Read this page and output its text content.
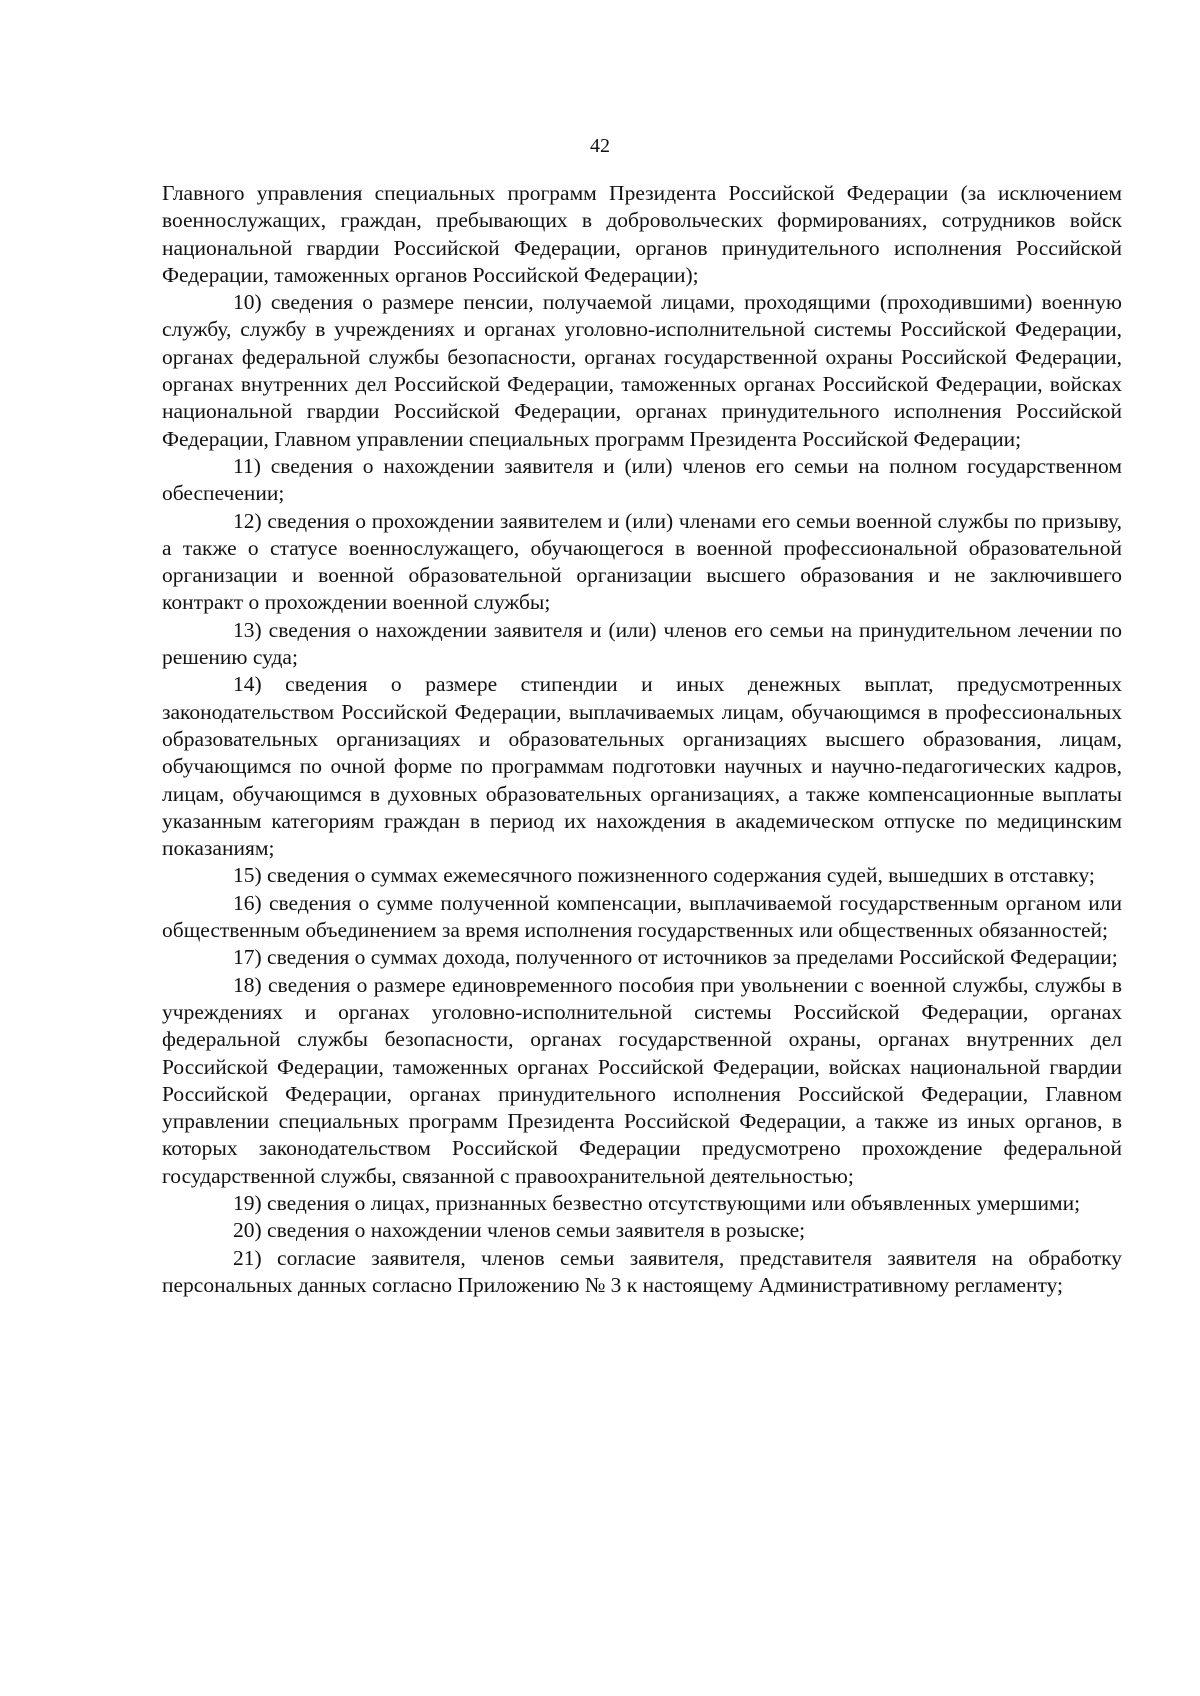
42

Главного управления специальных программ Президента Российской Федерации (за исключением военнослужащих, граждан, пребывающих в добровольческих формированиях, сотрудников войск национальной гвардии Российской Федерации, органов принудительного исполнения Российской Федерации, таможенных органов Российской Федерации);

10) сведения о размере пенсии, получаемой лицами, проходящими (проходившими) военную службу, службу в учреждениях и органах уголовно-исполнительной системы Российской Федерации, органах федеральной службы безопасности, органах государственной охраны Российской Федерации, органах внутренних дел Российской Федерации, таможенных органах Российской Федерации, войсках национальной гвардии Российской Федерации, органах принудительного исполнения Российской Федерации, Главном управлении специальных программ Президента Российской Федерации;

11) сведения о нахождении заявителя и (или) членов его семьи на полном государственном обеспечении;

12) сведения о прохождении заявителем и (или) членами его семьи военной службы по призыву, а также о статусе военнослужащего, обучающегося в военной профессиональной образовательной организации и военной образовательной организации высшего образования и не заключившего контракт о прохождении военной службы;

13) сведения о нахождении заявителя и (или) членов его семьи на принудительном лечении по решению суда;

14) сведения о размере стипендии и иных денежных выплат, предусмотренных законодательством Российской Федерации, выплачиваемых лицам, обучающимся в профессиональных образовательных организациях и образовательных организациях высшего образования, лицам, обучающимся по очной форме по программам подготовки научных и научно-педагогических кадров, лицам, обучающимся в духовных образовательных организациях, а также компенсационные выплаты указанным категориям граждан в период их нахождения в академическом отпуске по медицинским показаниям;

15) сведения о суммах ежемесячного пожизненного содержания судей, вышедших в отставку;

16) сведения о сумме полученной компенсации, выплачиваемой государственным органом или общественным объединением за время исполнения государственных или общественных обязанностей;

17) сведения о суммах дохода, полученного от источников за пределами Российской Федерации;

18) сведения о размере единовременного пособия при увольнении с военной службы, службы в учреждениях и органах уголовно-исполнительной системы Российской Федерации, органах федеральной службы безопасности, органах государственной охраны, органах внутренних дел Российской Федерации, таможенных органах Российской Федерации, войсках национальной гвардии Российской Федерации, органах принудительного исполнения Российской Федерации, Главном управлении специальных программ Президента Российской Федерации, а также из иных органов, в которых законодательством Российской Федерации предусмотрено прохождение федеральной государственной службы, связанной с правоохранительной деятельностью;

19) сведения о лицах, признанных безвестно отсутствующими или объявленных умершими;

20) сведения о нахождении членов семьи заявителя в розыске;

21) согласие заявителя, членов семьи заявителя, представителя заявителя на обработку персональных данных согласно Приложению № 3 к настоящему Административному регламенту;
